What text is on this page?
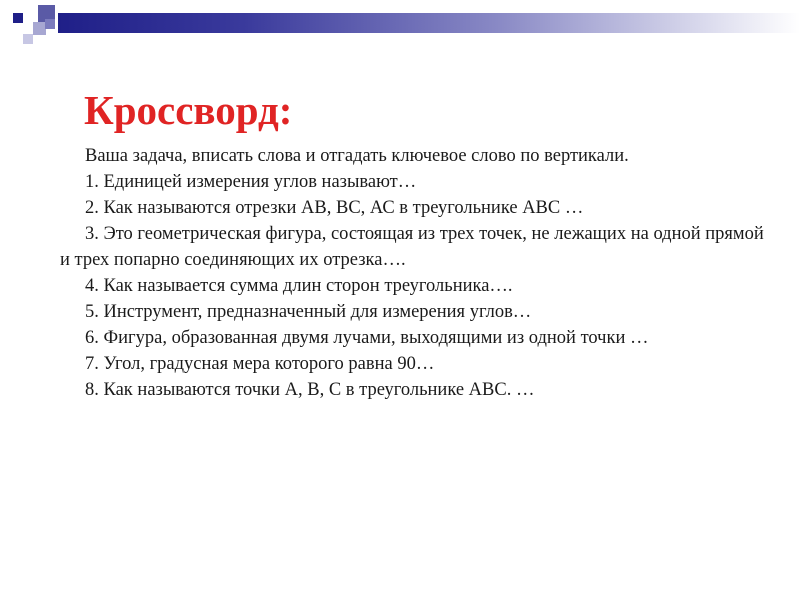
Кроссворд:

Ваша задача, вписать слова и отгадать ключевое слово по вертикали.

1. Единицей измерения углов называют…

2. Как называются отрезки АВ, ВС, АС в треугольнике АВС …

3. Это геометрическая фигура, состоящая из трех точек, не лежащих на одной прямой и трех попарно соединяющих их отрезка….

4. Как называется сумма длин сторон треугольника….

5. Инструмент, предназначенный для измерения углов…

6. Фигура, образованная двумя лучами, выходящими из одной точки …

7. Угол, градусная мера которого равна 90…

8. Как называются точки А, В, С в треугольнике АВС. …
